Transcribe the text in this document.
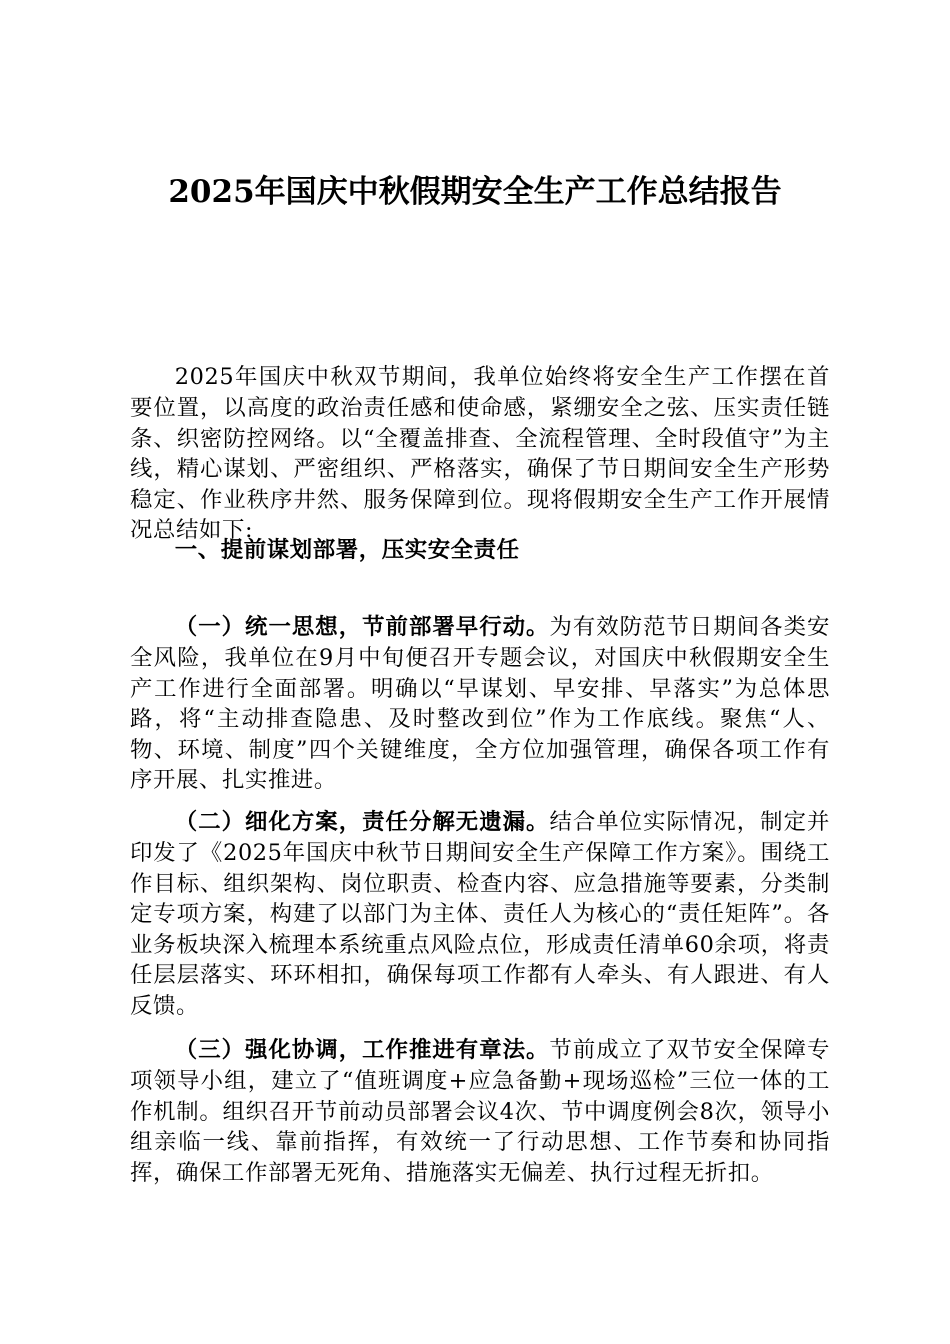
2025年国庆中秋假期安全生产工作总结报告

2025年国庆中秋双节期间，我单位始终将安全生产工作摆在首要位置，以高度的政治责任感和使命感，紧绷安全之弦、压实责任链条、织密防控网络。以“全覆盖排查、全流程管理、全时段值守”为主线，精心谋划、严密组织、严格落实，确保了节日期间安全生产形势稳定、作业秩序井然、服务保障到位。现将假期安全生产工作开展情况总结如下:

一、提前谋划部署，压实安全责任

（一）统一思想，节前部署早行动。为有效防范节日期间各类安全风险，我单位在9月中旬便召开专题会议，对国庆中秋假期安全生产工作进行全面部署。明确以“早谋划、早安排、早落实”为总体思路，将“主动排查隐患、及时整改到位”作为工作底线。聚焦“人、物、环境、制度”四个关键维度，全方位加强管理，确保各项工作有序开展、扎实推进。

（二）细化方案，责任分解无遗漏。结合单位实际情况，制定并印发了《2025年国庆中秋节日期间安全生产保障工作方案》。围绕工作目标、组织架构、岗位职责、检查内容、应急措施等要素，分类制定专项方案，构建了以部门为主体、责任人为核心的“责任矩阵”。各业务板块深入梳理本系统重点风险点位，形成责任清单60余项，将责任层层落实、环环相扣，确保每项工作都有人牵头、有人跟进、有人反馈。

（三）强化协调，工作推进有章法。节前成立了双节安全保障专项领导小组，建立了“值班调度+应急备勤+现场巡检”三位一体的工作机制。组织召开节前动员部署会议4次、节中调度例会8次，领导小组亲临一线、靠前指挥，有效统一了行动思想、工作节奏和协同指挥，确保工作部署无死角、措施落实无偏差、执行过程无折扣。
